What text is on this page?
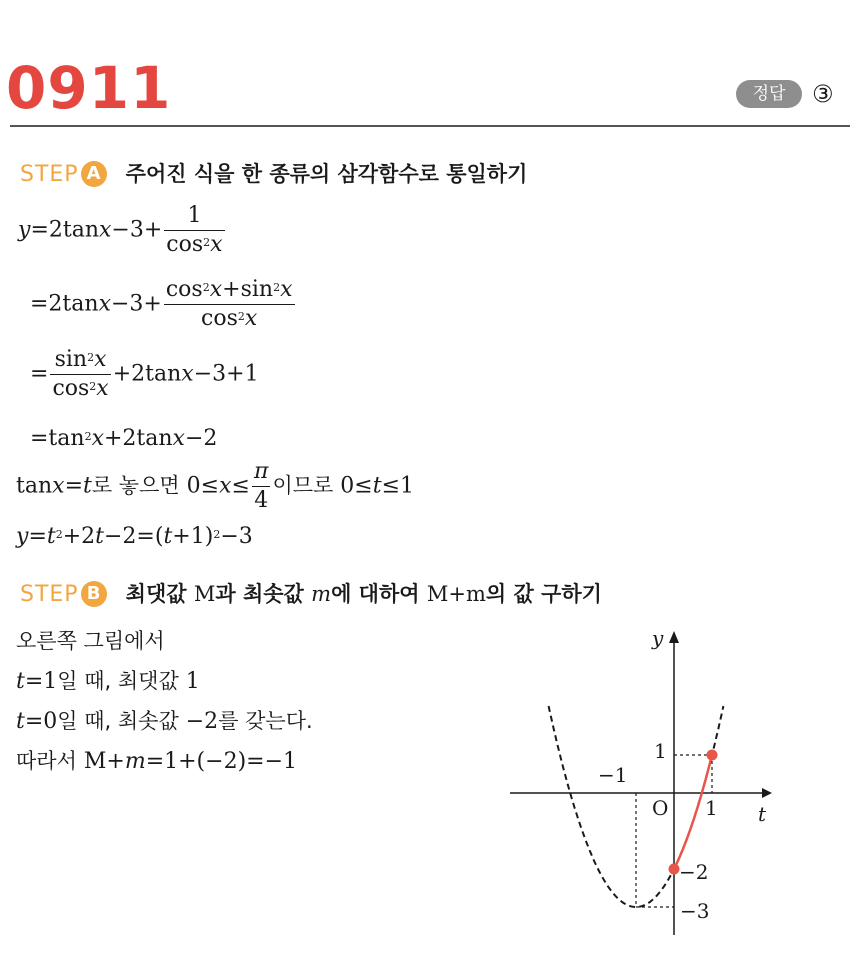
0911	정답	③
STEP A 주어진 식을 한 종류의 삼각함수로 통일하기
$y=2\tan x-3+ \frac{1}{\cos^2x}$
$=2\tan x-3+ \frac{\cos^2x+\sin^2x}{\cos^2x}$
= $\frac{\sin^2x}{\cos^2x} +2\tan x-3+1$
$=\tan^2x+2\tan x-2$
tanx=t로 놓으면 $0\le x\le \frac{\pi}{4}$ 이므로 0≤t≤1
$y=t^2+2t-2=(t+1)^2-3$
STEP B 최댓값 M과 최솟값 m에 대하여 M+m의 값 구하기
오른쪽 그림에서
t=1일 때, 최댓값 1
t=0일 때, 최솟값 −2를 갖는다.
따라서 M+m=1+(−2)=−1
y
t
O
−1
1
1
−2
−3
